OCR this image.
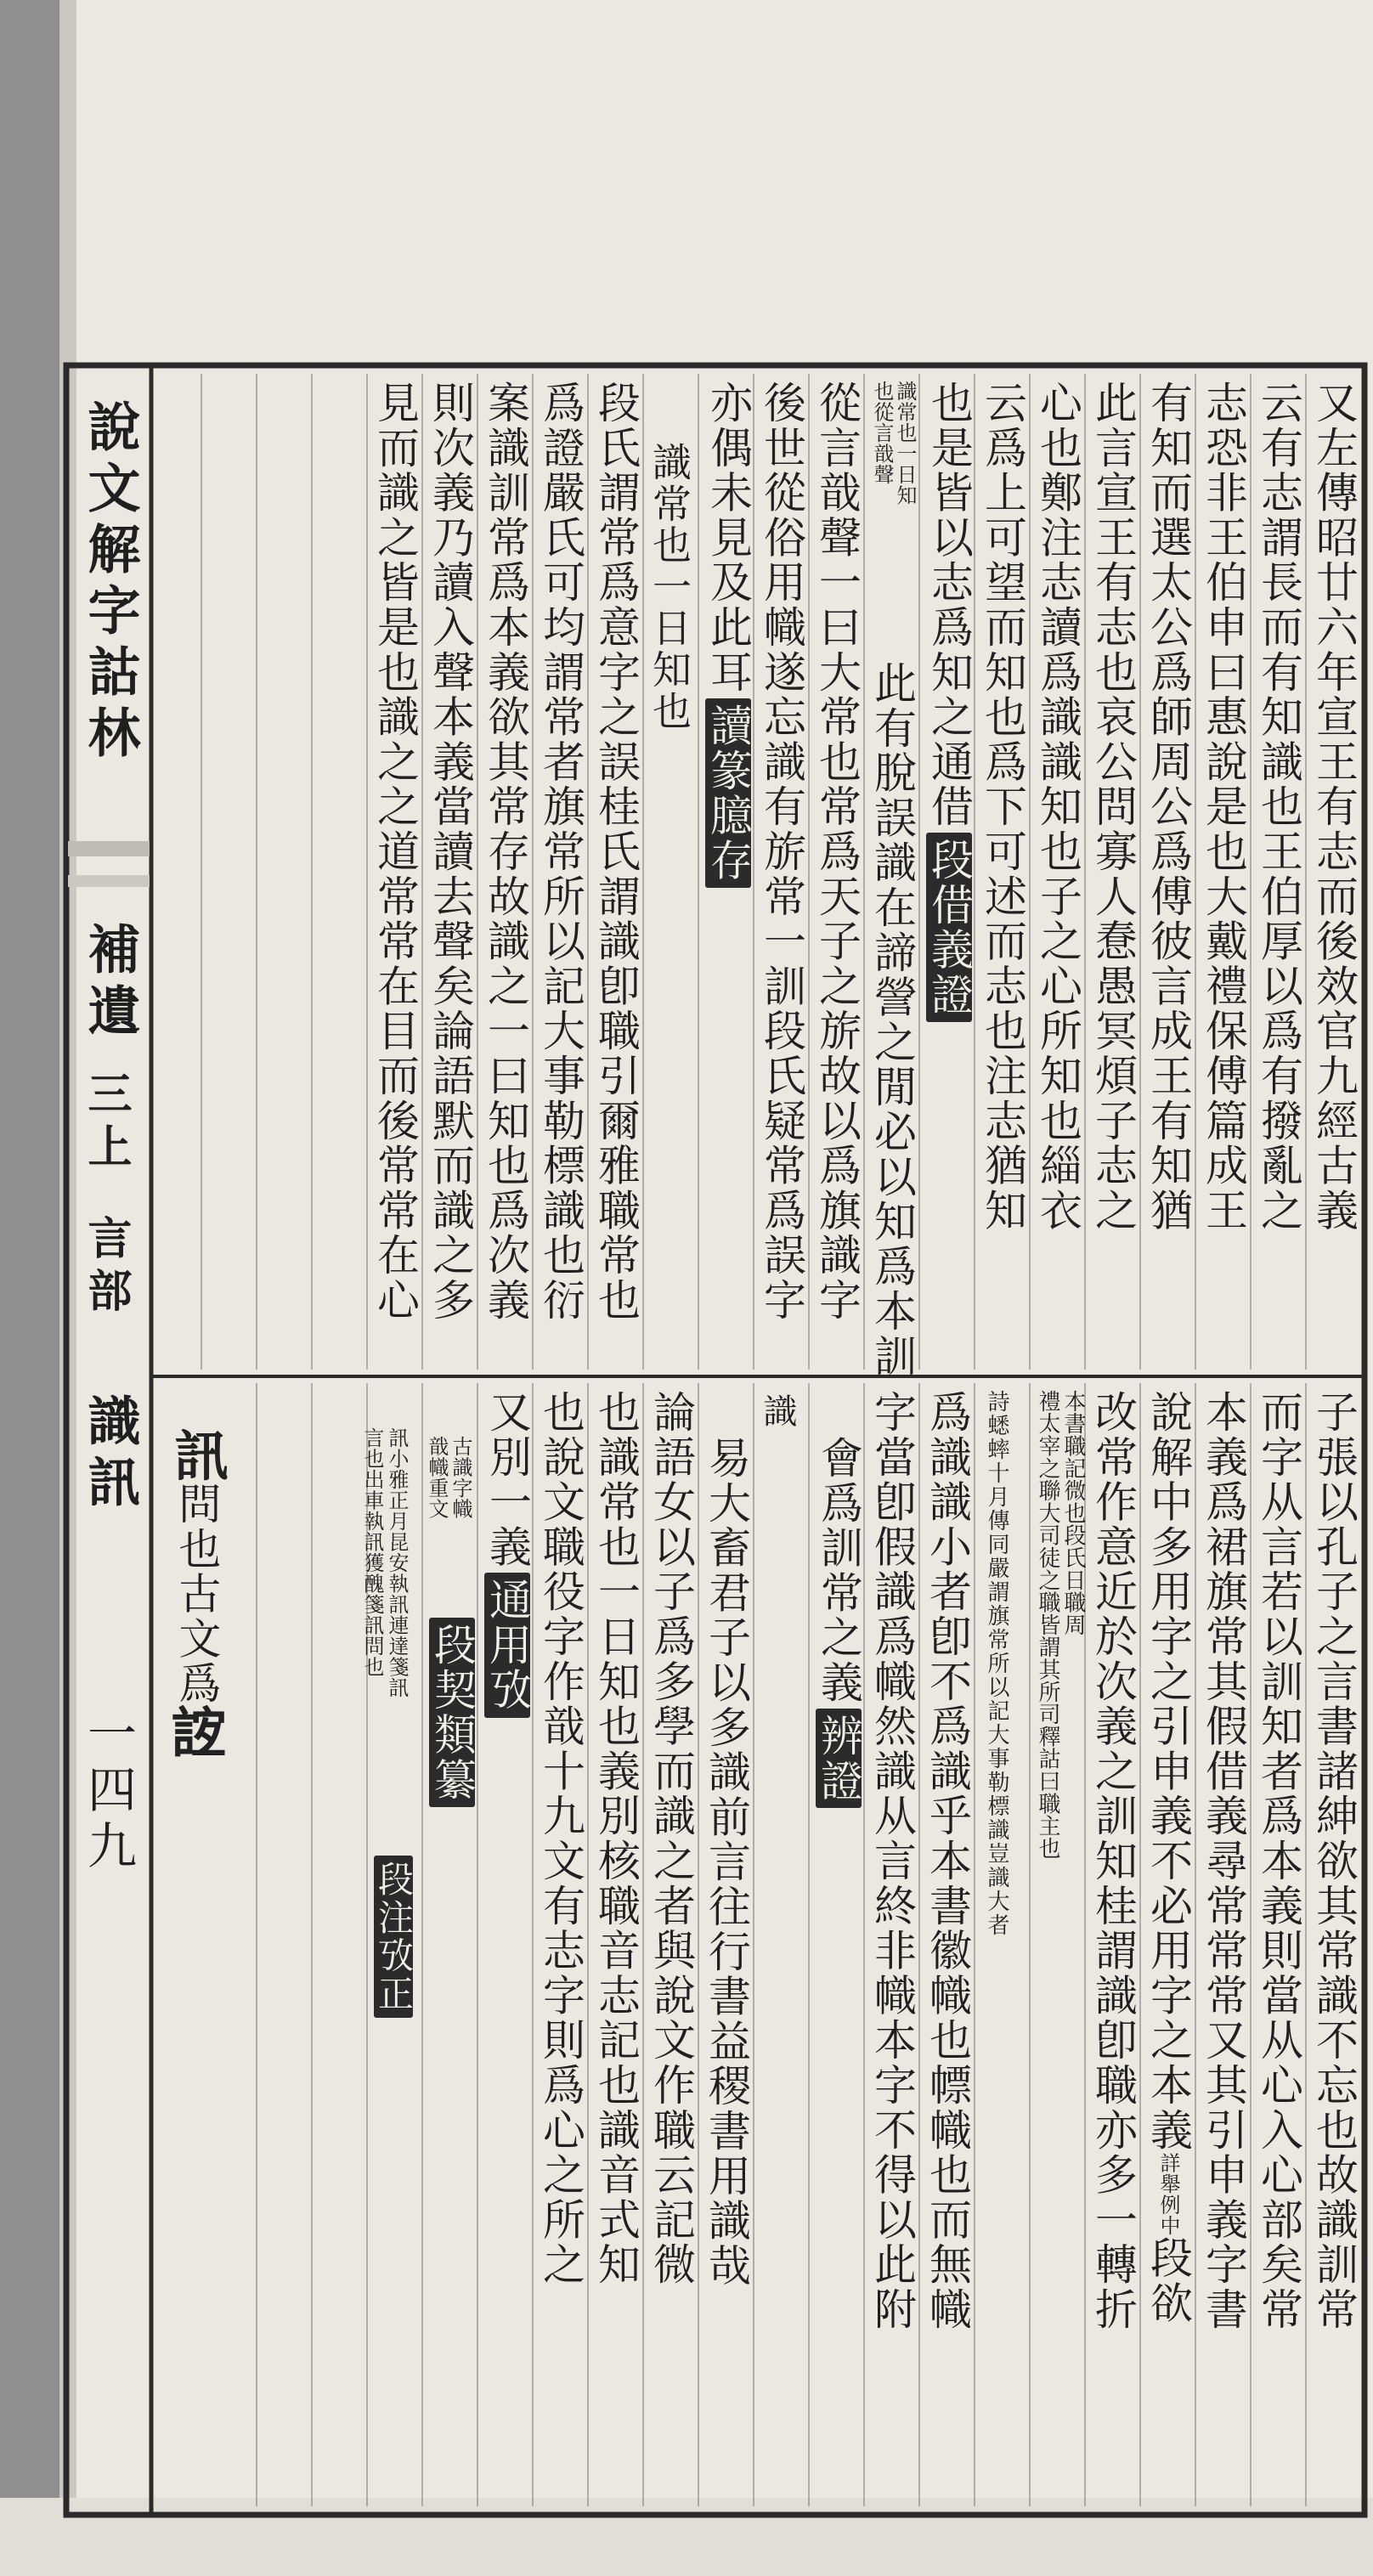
說文解字詁林
補遺
三上
言部
識訊
一四九
又左傳昭廿六年宣王有志而後效官九經古義
云有志謂長而有知識也王伯厚以爲有撥亂之
志恐非王伯申曰惠說是也大戴禮保傅篇成王
有知而選太公爲師周公爲傅彼言成王有知猶
此言宣王有志也哀公問寡人惷愚冥煩子志之
心也鄭注志讀爲識識知也子之心所知也緇衣
云爲上可望而知也爲下可述而志也注志猶知
也是皆以志爲知之通借段借義證
識常也一日知
也從言戠聲
此有脫誤識在諦謍之閒必以知爲本訓
從言戠聲一曰大常也常爲天子之旂故以爲旗識字
後世從俗用幟遂忘識有旂常一訓段氏疑常爲誤字
亦偶未見及此耳讀篆臆存
識常也一日知也
段氏謂常爲意字之誤桂氏謂識卽職引爾雅職常也
爲證嚴氏可均謂常者旗常所以記大事勒標識也衍
案識訓常爲本義欲其常存故識之一曰知也爲次義
則次義乃讀入聲本義當讀去聲矣論語默而識之多
見而識之皆是也識之之道常常在目而後常常在心
子張以孔子之言書諸紳欲其常識不忘也故識訓常
而字从言若以訓知者爲本義則當从心入心部矣常
本義爲裙旗常其假借義尋常常常又其引申義字書
說解中多用字之引申義不必用字之本義詳舉例中段欲
改常作意近於次義之訓知桂謂識卽職亦多一轉折
本書職記微也段氏日職周
禮太宰之聯大司徒之職皆謂其所司釋詁曰職主也
詩蟋蟀十月傳同嚴謂旗常所以記大事勒標識豈識大者
爲識識小者卽不爲識乎本書徽幟也幖幟也而無幟
字當卽假識爲幟然識从言終非幟本字不得以此附
會爲訓常之義辨證
識
易大畜君子以多識前言往行書益稷書用識哉
論語女以子爲多學而識之者與說文作職云記微
也識常也一日知也義別核職音志記也識音式知
也說文職役字作戠十九文有志字則爲心之所之
又別一義通用攷
古識字幟
戠幟重文
段契類纂
訊小雅正月昆安執訊連達箋訊
言也出車執訊獲醜箋訊問也
段注攷正
訊問也古文爲𧧼
